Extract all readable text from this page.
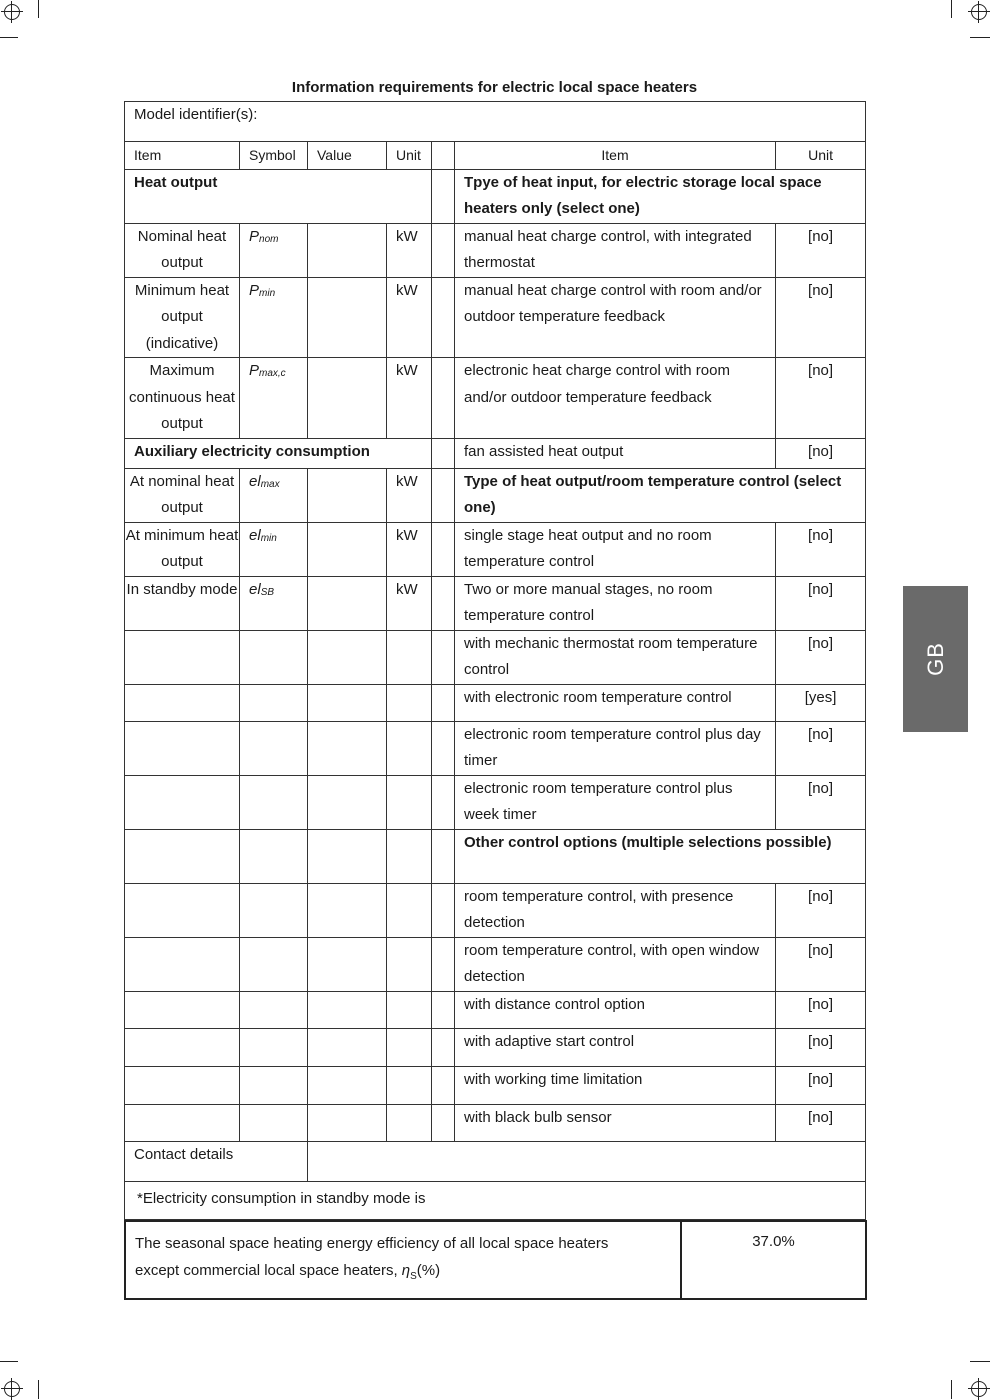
Information requirements for electric local space heaters
Model identifier(s):						
Item	Symbol	Value	Unit		Item	Unit
Heat output					Tpye of heat input, for electric storage local space heaters only (select one)	
Nominal heat output	$P_{nom}$		kW		manual heat charge control, with integrated thermostat	[no]
Minimum heat output (indicative)	$P_{min}$		kW		manual heat charge control with room and/or outdoor temperature feedback	[no]
Maximum continuous heat output	$P_{max,c}$		kW		electronic heat charge control with room and/or outdoor temperature feedback	[no]
Auxiliary electricity consumption					fan assisted heat output	[no]
At nominal heat output	$el_{max}$		kW		Type of heat output/room temperature control (select one)	
At minimum heat output	$el_{min}$		kW		single stage heat output and no room temperature control	[no]
In standby mode	$el_{SB}$		kW		Two or more manual stages, no room temperature control	[no]
					with mechanic thermostat room temperature control	[no]
					with electronic room temperature control	[yes]
					electronic room temperature control plus day timer	[no]
					electronic room temperature control plus week timer	[no]
					Other control options (multiple selections possible)	
					room temperature control, with presence detection	[no]
					room temperature control, with open window detection	[no]
					with distance control option	[no]
					with adaptive start control	[no]
					with working time limitation	[no]
					with black bulb sensor	[no]
Contact details						
*Electricity consumption in standby mode is						
The seasonal space heating energy efficiency of all local space heaters
except commercial local space heaters, $\eta_S(\%)$	37.0%
GB
